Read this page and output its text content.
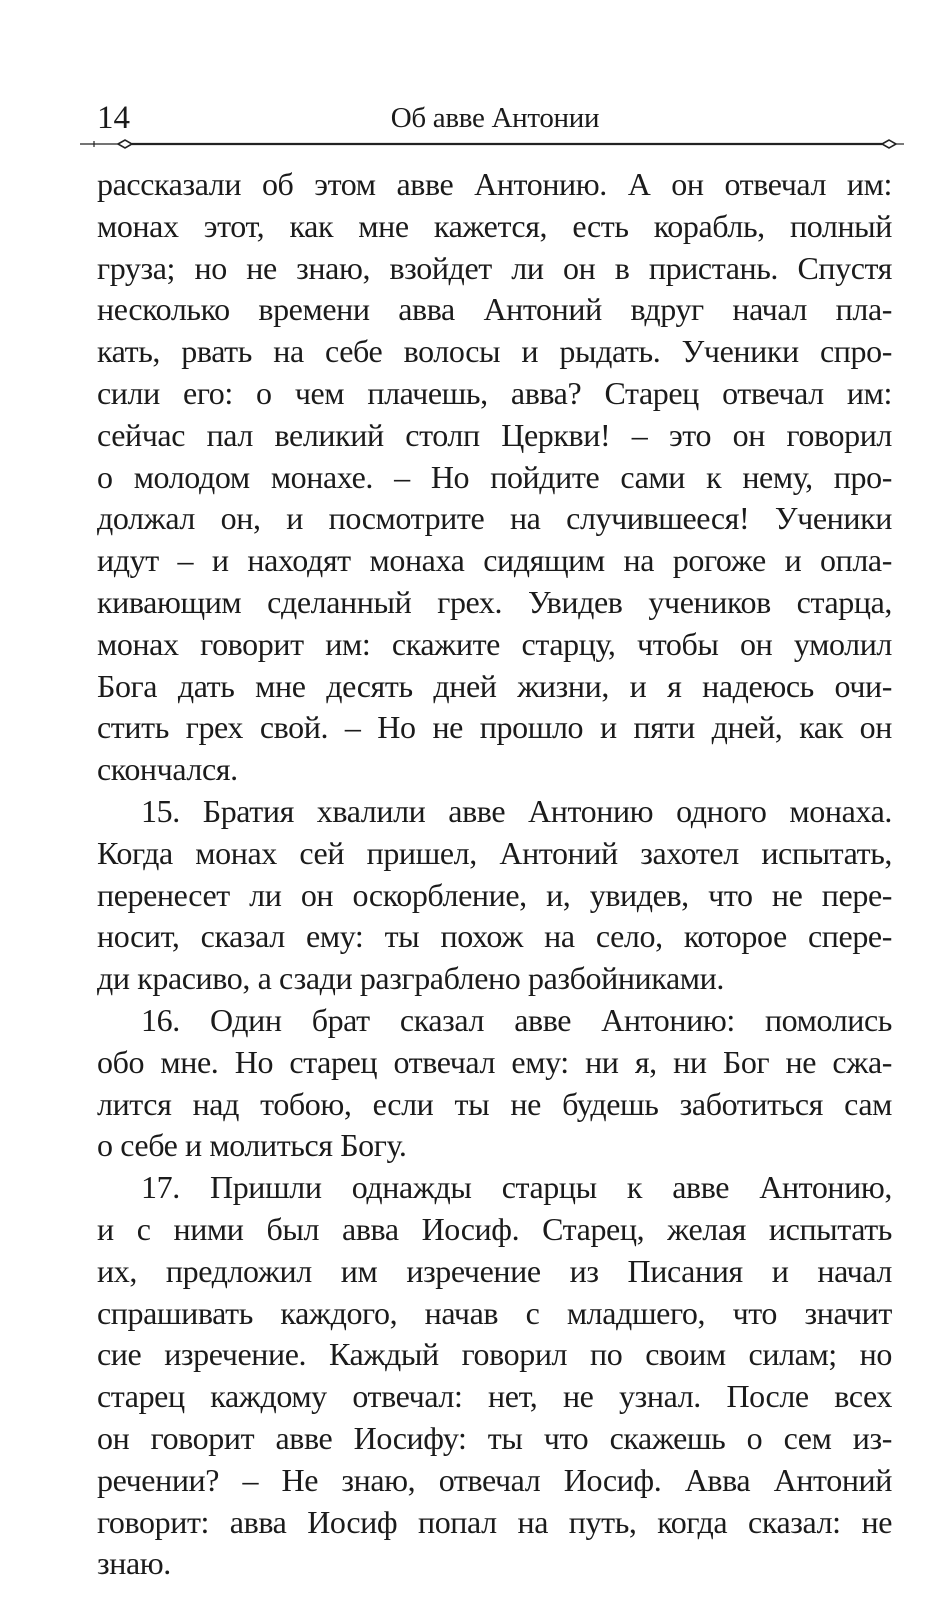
14	Об авве Антонии
рассказали об этом авве Антонию. А он отвечал им:
монах этот, как мне кажется, есть корабль, полный
груза; но не знаю, взойдет ли он в пристань. Спустя
несколько времени авва Антоний вдруг начал пла-
кать, рвать на себе волосы и рыдать. Ученики спро-
сили его: о чем плачешь, авва? Старец отвечал им:
сейчас пал великий столп Церкви! – это он говорил
о молодом монахе. – Но пойдите сами к нему, про-
должал он, и посмотрите на случившееся! Ученики
идут – и находят монаха сидящим на рогоже и опла-
кивающим сделанный грех. Увидев учеников старца,
монах говорит им: скажите старцу, чтобы он умолил
Бога дать мне десять дней жизни, и я надеюсь очи-
стить грех свой. – Но не прошло и пяти дней, как он
скончался.
15. Братия хвалили авве Антонию одного монаха.
Когда монах сей пришел, Антоний захотел испытать,
перенесет ли он оскорбление, и, увидев, что не пере-
носит, сказал ему: ты похож на село, которое спере-
ди красиво, а сзади разграблено разбойниками.
16. Один брат сказал авве Антонию: помолись
обо мне. Но старец отвечал ему: ни я, ни Бог не сжа-
лится над тобою, если ты не будешь заботиться сам
о себе и молиться Богу.
17. Пришли однажды старцы к авве Антонию,
и с ними был авва Иосиф. Старец, желая испытать
их, предложил им изречение из Писания и начал
спрашивать каждого, начав с младшего, что значит
сие изречение. Каждый говорил по своим силам; но
старец каждому отвечал: нет, не узнал. После всех
он говорит авве Иосифу: ты что скажешь о сем из-
речении? – Не знаю, отвечал Иосиф. Авва Антоний
говорит: авва Иосиф попал на путь, когда сказал: не
знаю.
